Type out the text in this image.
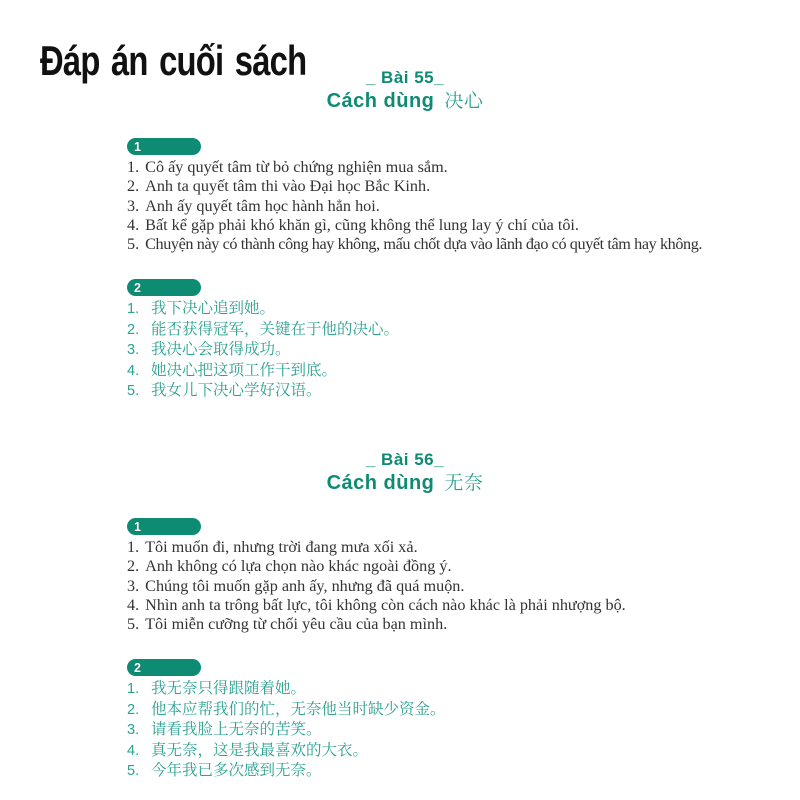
Đáp án cuối sách	_ Bài 55_
Cách dùng 决心
1
1. Cô ấy quyết tâm từ bỏ chứng nghiện mua sắm.
2. Anh ta quyết tâm thi vào Đại học Bắc Kinh.
3. Anh ấy quyết tâm học hành hẳn hoi.
4. Bất kể gặp phải khó khăn gì, cũng không thể lung lay ý chí của tôi.
5. Chuyện này có thành công hay không, mấu chốt dựa vào lãnh đạo có quyết tâm hay không.
2
1. 我下决心追到她。
2. 能否获得冠军，关键在于他的决心。
3. 我决心会取得成功。
4. 她决心把这项工作干到底。
5. 我女儿下决心学好汉语。
_ Bài 56_
Cách dùng 无奈
1
1. Tôi muốn đi, nhưng trời đang mưa xối xả.
2. Anh không có lựa chọn nào khác ngoài đồng ý.
3. Chúng tôi muốn gặp anh ấy, nhưng đã quá muộn.
4. Nhìn anh ta trông bất lực, tôi không còn cách nào khác là phải nhượng bộ.
5. Tôi miễn cưỡng từ chối yêu cầu của bạn mình.
2
1. 我无奈只得跟随着她。
2. 他本应帮我们的忙，无奈他当时缺少资金。
3. 请看我脸上无奈的苦笑。
4. 真无奈，这是我最喜欢的大衣。
5. 今年我已多次感到无奈。
